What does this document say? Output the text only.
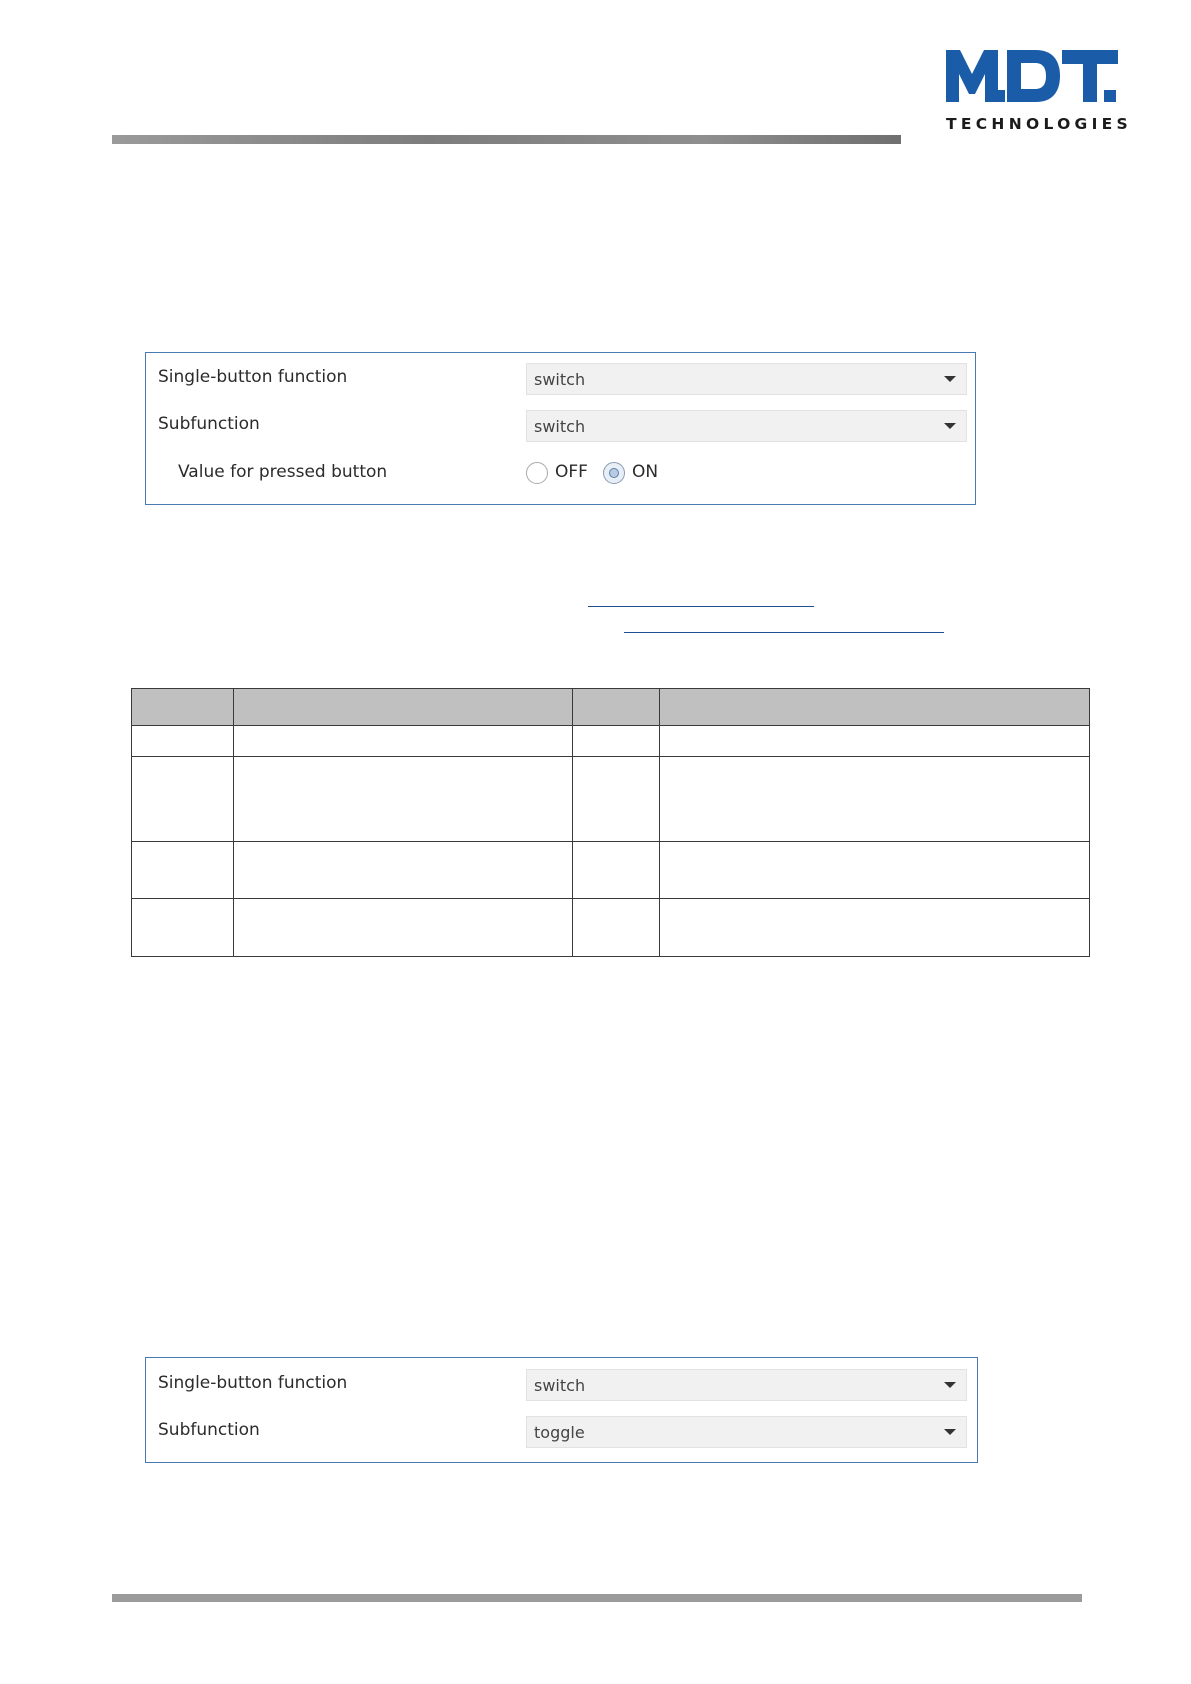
TECHNOLOGIES
Single-button function	switch
Subfunction	switch
Value for pressed button	OFF	ON

Single-button function	switch
Subfunction	toggle
